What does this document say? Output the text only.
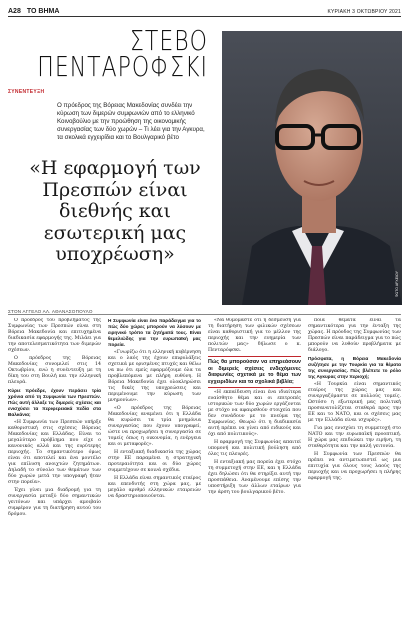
A28 ΤΟ ΒΗΜΑ	ΚΥΡΙΑΚΗ 3 ΟΚΤΩΒΡΙΟΥ 2021
ΣΤΕΒΟ
ΠΕΝΤΑΡΟΦΣΚΙ
ΣΥΝΕΝΤΕΥΞΗ
Ο πρόεδρος της Βόρειας Μακεδονίας συνδέει την κύρωση των διμερών συμφωνιών από το ελληνικό Κοινοβούλιο με την προώθηση της οικονομικής συνεργασίας των δύο χωρών – Τι λέει για την Αγκυρα, τα σκολικά εγχειρίδια και το Βουλγαρικό βέτο
«Η εφαρμογή των Πρεσπών είναι διεθνής και εσωτερική μας υποχρέωση»
ΦΩΤΟ ΑΡΧΕΙΟΥ
ΣΤΟΝ ΑΓΓΕΛΟ ΑΛ. ΑΘΑΝΑΣΟΠΟΥΛΟ

Ο πρόεδρος του προβλήματος της Συμφωνίας των Πρεσπών είναι στη Βόρεια Μακεδονία και επιτυχημένα διαδικασία εφαρμογής της. Μιλάει για την αποτελεσματικότητα των διμερών σχέσεων.

Ο πρόεδρος της Βόρειας Μακεδονίας συνομιλεί στις 14 Οκτωβρίου, ενώ η συνέντευξη με τη δίκη του στη Βουλή και την ελληνική πλευρά.

Κύριε πρόεδρε, έχουν περάσει τρία χρόνια από τη Συμφωνία των Πρεσπών. Πώς αυτή άλλαξε τις διμερείς σχέσεις και ενισχύσει τα περιφερειακά πεδία στα Βαλκάνια;

«Η Συμφωνία των Πρεσπών υπήρξε καθοριστική στις σχέσεις Βόρειας Μακεδονίας και Ελλάδας. Είναι το μεγαλύτερο πρόβλημα που είχε ο κανονικός αλλά και της ευρύτερης περιοχής. Το σημαντικότερο όμως είναι ότι αποτελεί και ένα μοντέλο για επίλυση ανοιχτών ζητημάτων. Δηλαδή το σύνολο των θεμάτων των δύο χωρών μετά την υπογραφή ήταν στην πορεία».

Έχει γίνει μια διαδρομή για τη συνεργασία μεταξύ δύο σημαντικών γειτόνων και υπάρχει αμοιβαίο συμφέρον για τη διατήρηση αυτού του δρόμου.

Η Συμφωνία είναι ένα παράδειγμα για το πώς δύο χώρες μπορούν να λύσουν με ειρηνικό τρόπο τα ζητήματά τους. Είναι θεμελιώδης για την ευρωπαϊκή μας πορεία.

«Γνωρίζω ότι η ελληνική κυβέρνηση και ο λαός της έχουν επιφυλάξεις σχετικά με ορισμένες πτυχές και θέλω να πω ότι εμείς εφαρμόζουμε όλα τα προβλεπόμενα με πλήρη ευθύνη. Η Βόρεια Μακεδονία έχει ολοκληρώσει τις δικές της υποχρεώσεις και περιμένουμε την κύρωση των μνημονίων».

«Ο πρόεδρος της Βόρειας Μακεδονίας αναμένει ότι η Ελλάδα θα κυρώσει τα τρία μνημόνια συνεργασίας που έχουν υπογραφεί, ώστε να προχωρήσει η συνεργασία σε τομείς όπως η οικονομία, η ενέργεια και οι μεταφορές».

Η ενταξιακή διαδικασία της χώρας στην ΕΕ παραμένει η στρατηγική προτεραιότητα και οι δύο χώρες συμμετέχουν σε κοινά σχέδια.

Η Ελλάδα είναι σημαντικός εταίρος και επενδυτής στη χώρα μας, με μεγάλο αριθμό ελληνικών εταιρειών να δραστηριοποιούνται.

«Να θυμόμαστε ότι η δέσμευση για τη διατήρηση των φιλικών σχέσεων είναι καθοριστική για το μέλλον της περιοχής και την ευημερία των πολιτών μας» δήλωσε ο κ. Πενταρόφσκι.

Πώς θα μπορούσαν να επηρεάσουν οι διμερείς σχέσεις ενδεχόμενες διαφωνίες σχετικά με το θέμα των εγχειριδίων και τα σχολικά βιβλία;

«Η εκπαίδευση είναι ένα ιδιαίτερα ευαίσθητο θέμα και οι επιτροπές ιστορικών των δύο χωρών εργάζονται με στόχο να αφαιρεθούν στοιχεία που δεν συνάδουν με το πνεύμα της Συμφωνίας. Θεωρώ ότι η διαδικασία αυτή πρέπει να γίνει από ειδικούς και όχι από πολιτικούς».

Η εφαρμογή της Συμφωνίας απαιτεί υπομονή και πολιτική βούληση από όλες τις πλευρές.

Η ενταξιακή μας πορεία έχει στόχο τη συμμετοχή στην ΕΕ, και η Ελλάδα έχει δηλώσει ότι θα στηρίξει αυτή την προσπάθεια. Αναμένουμε επίσης την υποστήριξη των άλλων εταίρων για την άρση του βουλγαρικού βέτο.

ποια θέματα είναι τα σημαντικότερα για την ένταξη της χώρας. Η πρόοδος της Συμφωνίας των Πρεσπών είναι παράδειγμα για το πώς μπορούν να λυθούν προβλήματα με διάλογο.

Πρόσφατα, η Βόρεια Μακεδονία συζήτησε με την Τουρκία για τα θέματα της συνεργασίας. Πώς βλέπετε το ρόλο της Αγκυρας στην περιοχή;

«Η Τουρκία είναι σημαντικός εταίρος της χώρας μας και συνεργαζόμαστε σε πολλούς τομείς. Ωστόσο η εξωτερική μας πολιτική προσανατολίζεται σταθερά προς την ΕΕ και το ΝΑΤΟ, και οι σχέσεις μας με την Ελλάδα είναι ισχυρές».

Για μας ενισχύει τη συμμετοχή στο ΝΑΤΟ και την ευρωπαϊκή προοπτική. Η χώρα μας επιδιώκει την ειρήνη, τη σταθερότητα και την καλή γειτονία.

Η Συμφωνία των Πρεσπών θα πρέπει να αντιμετωπιστεί ως μια επιτυχία για όλους τους λαούς της περιοχής και να προχωρήσει η πλήρης εφαρμογή της.
